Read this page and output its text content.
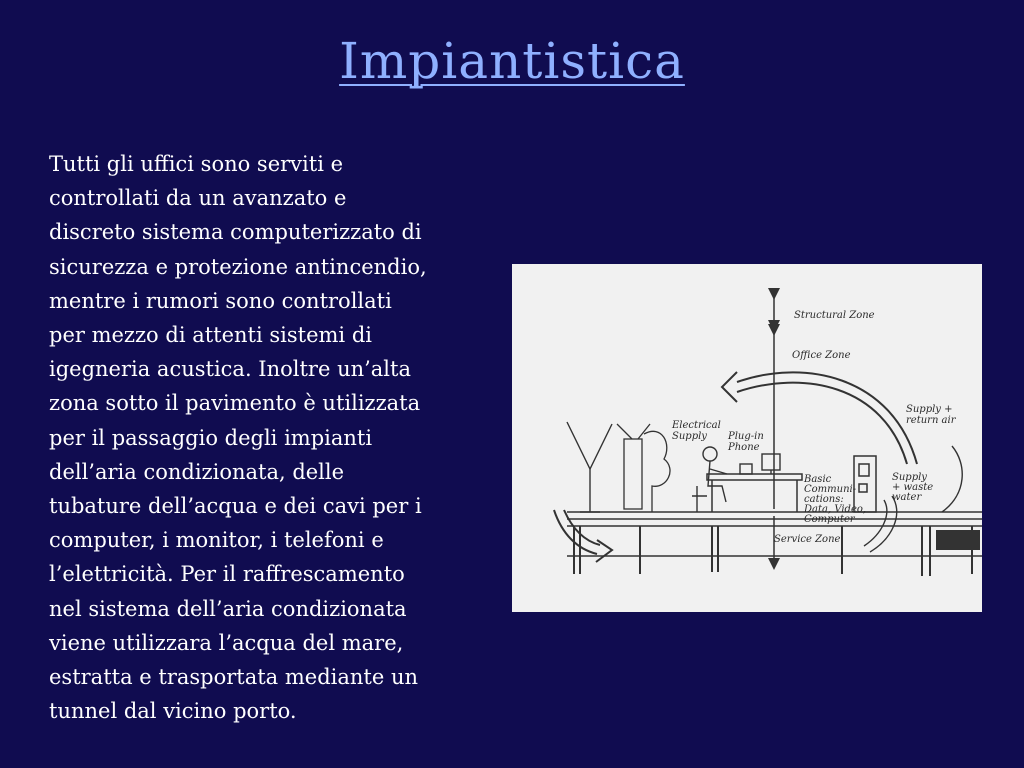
Impiantistica
Tutti gli uffici sono serviti e
controllati da un avanzato e
discreto sistema computerizzato di
sicurezza e protezione antincendio,
mentre i rumori sono controllati
per mezzo di attenti sistemi di
igegneria acustica. Inoltre un’alta
zona sotto il pavimento è utilizzata
per il passaggio degli impianti
dell’aria condizionata, delle
tubature dell’acqua e dei cavi per i
computer, i monitor, i telefoni e
l’elettricità. Per il raffrescamento
nel sistema dell’aria condizionata
viene utilizzara l’acqua del mare,
estratta e trasportata mediante un
tunnel dal vicino porto.
Structural Zone
Office Zone
Supply +
return air
Electrical
Supply Plug-in
Phone
Basic
Communi-
cations:
Data, Video,
Computer
Supply
+ waste
water
Service Zone
